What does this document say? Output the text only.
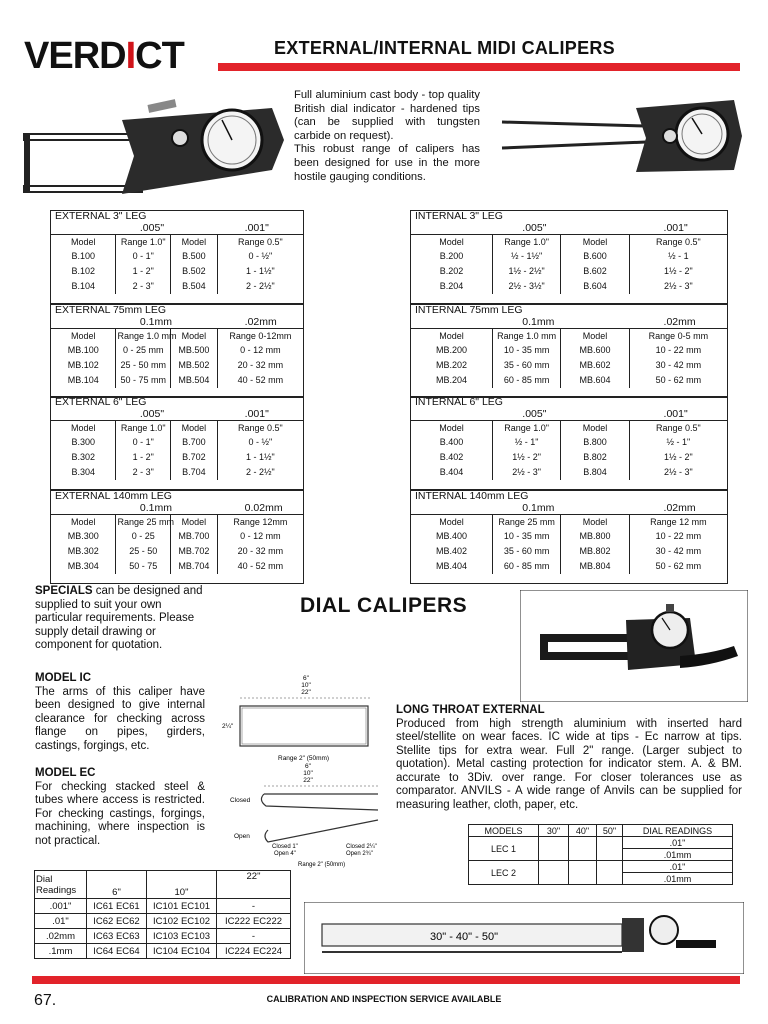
VERDICT	EXTERNAL/INTERNAL MIDI CALIPERS

Full aluminium cast body - top quality British dial indicator - hardened tips (can be supplied with tungsten carbide on request).

This robust range of calipers has been designed for use in the more hostile gauging conditions.

EXTERNAL 3" LEG
.005"	.001"
Model	Range 1.0"	Model	Range 0.5"
B.100	0 - 1"	B.500	0 - ½"
B.102	1 - 2"	B.502	1 - 1½"
B.104	2 - 3"	B.504	2 - 2½"
EXTERNAL 75mm LEG
0.1mm	.02mm
Model	Range 1.0 mm	Model	Range 0-12mm
MB.100	0 - 25 mm	MB.500	0 - 12 mm
MB.102	25 - 50 mm	MB.502	20 - 32 mm
MB.104	50 - 75 mm	MB.504	40 - 52 mm
EXTERNAL 6" LEG
.005"	.001"
Model	Range 1.0"	Model	Range 0.5"
B.300	0 - 1"	B.700	0 - ½"
B.302	1 - 2"	B.702	1 - 1½"
B.304	2 - 3"	B.704	2 - 2½"
EXTERNAL 140mm LEG
0.1mm	0.02mm
Model	Range 25 mm	Model	Range 12mm
MB.300	0 - 25	MB.700	0 - 12 mm
MB.302	25 - 50	MB.702	20 - 32 mm
MB.304	50 - 75	MB.704	40 - 52 mm
INTERNAL 3" LEG
.005"	.001"
Model	Range 1.0"	Model	Range 0.5"
B.200	½ - 1½"	B.600	½ - 1
B.202	1½ - 2½"	B.602	1½ - 2"
B.204	2½ - 3½"	B.604	2½ - 3"
INTERNAL 75mm LEG
0.1mm	.02mm
Model	Range 1.0 mm	Model	Range 0-5 mm
MB.200	10 - 35 mm	MB.600	10 - 22 mm
MB.202	35 - 60 mm	MB.602	30 - 42 mm
MB.204	60 - 85 mm	MB.604	50 - 62 mm
INTERNAL 6" LEG
.005"	.001"
Model	Range 1.0"	Model	Range 0.5"
B.400	½ - 1"	B.800	½ - 1"
B.402	1½ - 2"	B.802	1½ - 2"
B.404	2½ - 3"	B.804	2½ - 3"
INTERNAL 140mm LEG
0.1mm	.02mm
Model	Range 25 mm	Model	Range 12 mm
MB.400	10 - 35 mm	MB.800	10 - 22 mm
MB.402	35 - 60 mm	MB.802	30 - 42 mm
MB.404	60 - 85 mm	MB.804	50 - 62 mm
SPECIALS can be designed and supplied to suit your own particular requirements. Please supply detail drawing or component for quotation.
DIAL CALIPERS
MODEL IC
The arms of this caliper have been designed to give internal clearance for checking across flange on pipes, girders, castings, forgings, etc.
MODEL EC
For checking stacked steel & tubes where access is restricted. For checking castings, forgings, machining, where inspection is not practical.
6"
10"
22"
2¼"
Range 2" (50mm)
6"
10"
22"
Closed
Open
Closed 1"
Open 4"
Closed 2¼"
Open 2¾"
Range 2" (50mm)
LONG THROAT EXTERNAL
Produced from high strength aluminium with inserted hard steel/stellite on wear faces. IC wide at tips - Ec narrow at tips. Stellite tips for extra wear. Full 2" range. (Larger subject to quotation). Metal casting protection for indicator stem. A. & BM. accurate to 3Div. over range. For closer tolerances use as comparator. ANVILS - A wide range of Anvils can be supplied for measuring leather, cloth, paper, etc.
MODELS	30"	40"	50"	DIAL READINGS
LEC 1				.01"
				.01mm
LEC 2				.01"
				.01mm
Dial Readings	6"	10"	22"
.001"	IC61 EC61	IC101 EC101	-
.01"	IC62 EC62	IC102 EC102	IC222 EC222
.02mm	IC63 EC63	IC103 EC103	-
.1mm	IC64 EC64	IC104 EC104	IC224 EC224
30" - 40" - 50"
67.	CALIBRATION AND INSPECTION SERVICE AVAILABLE
